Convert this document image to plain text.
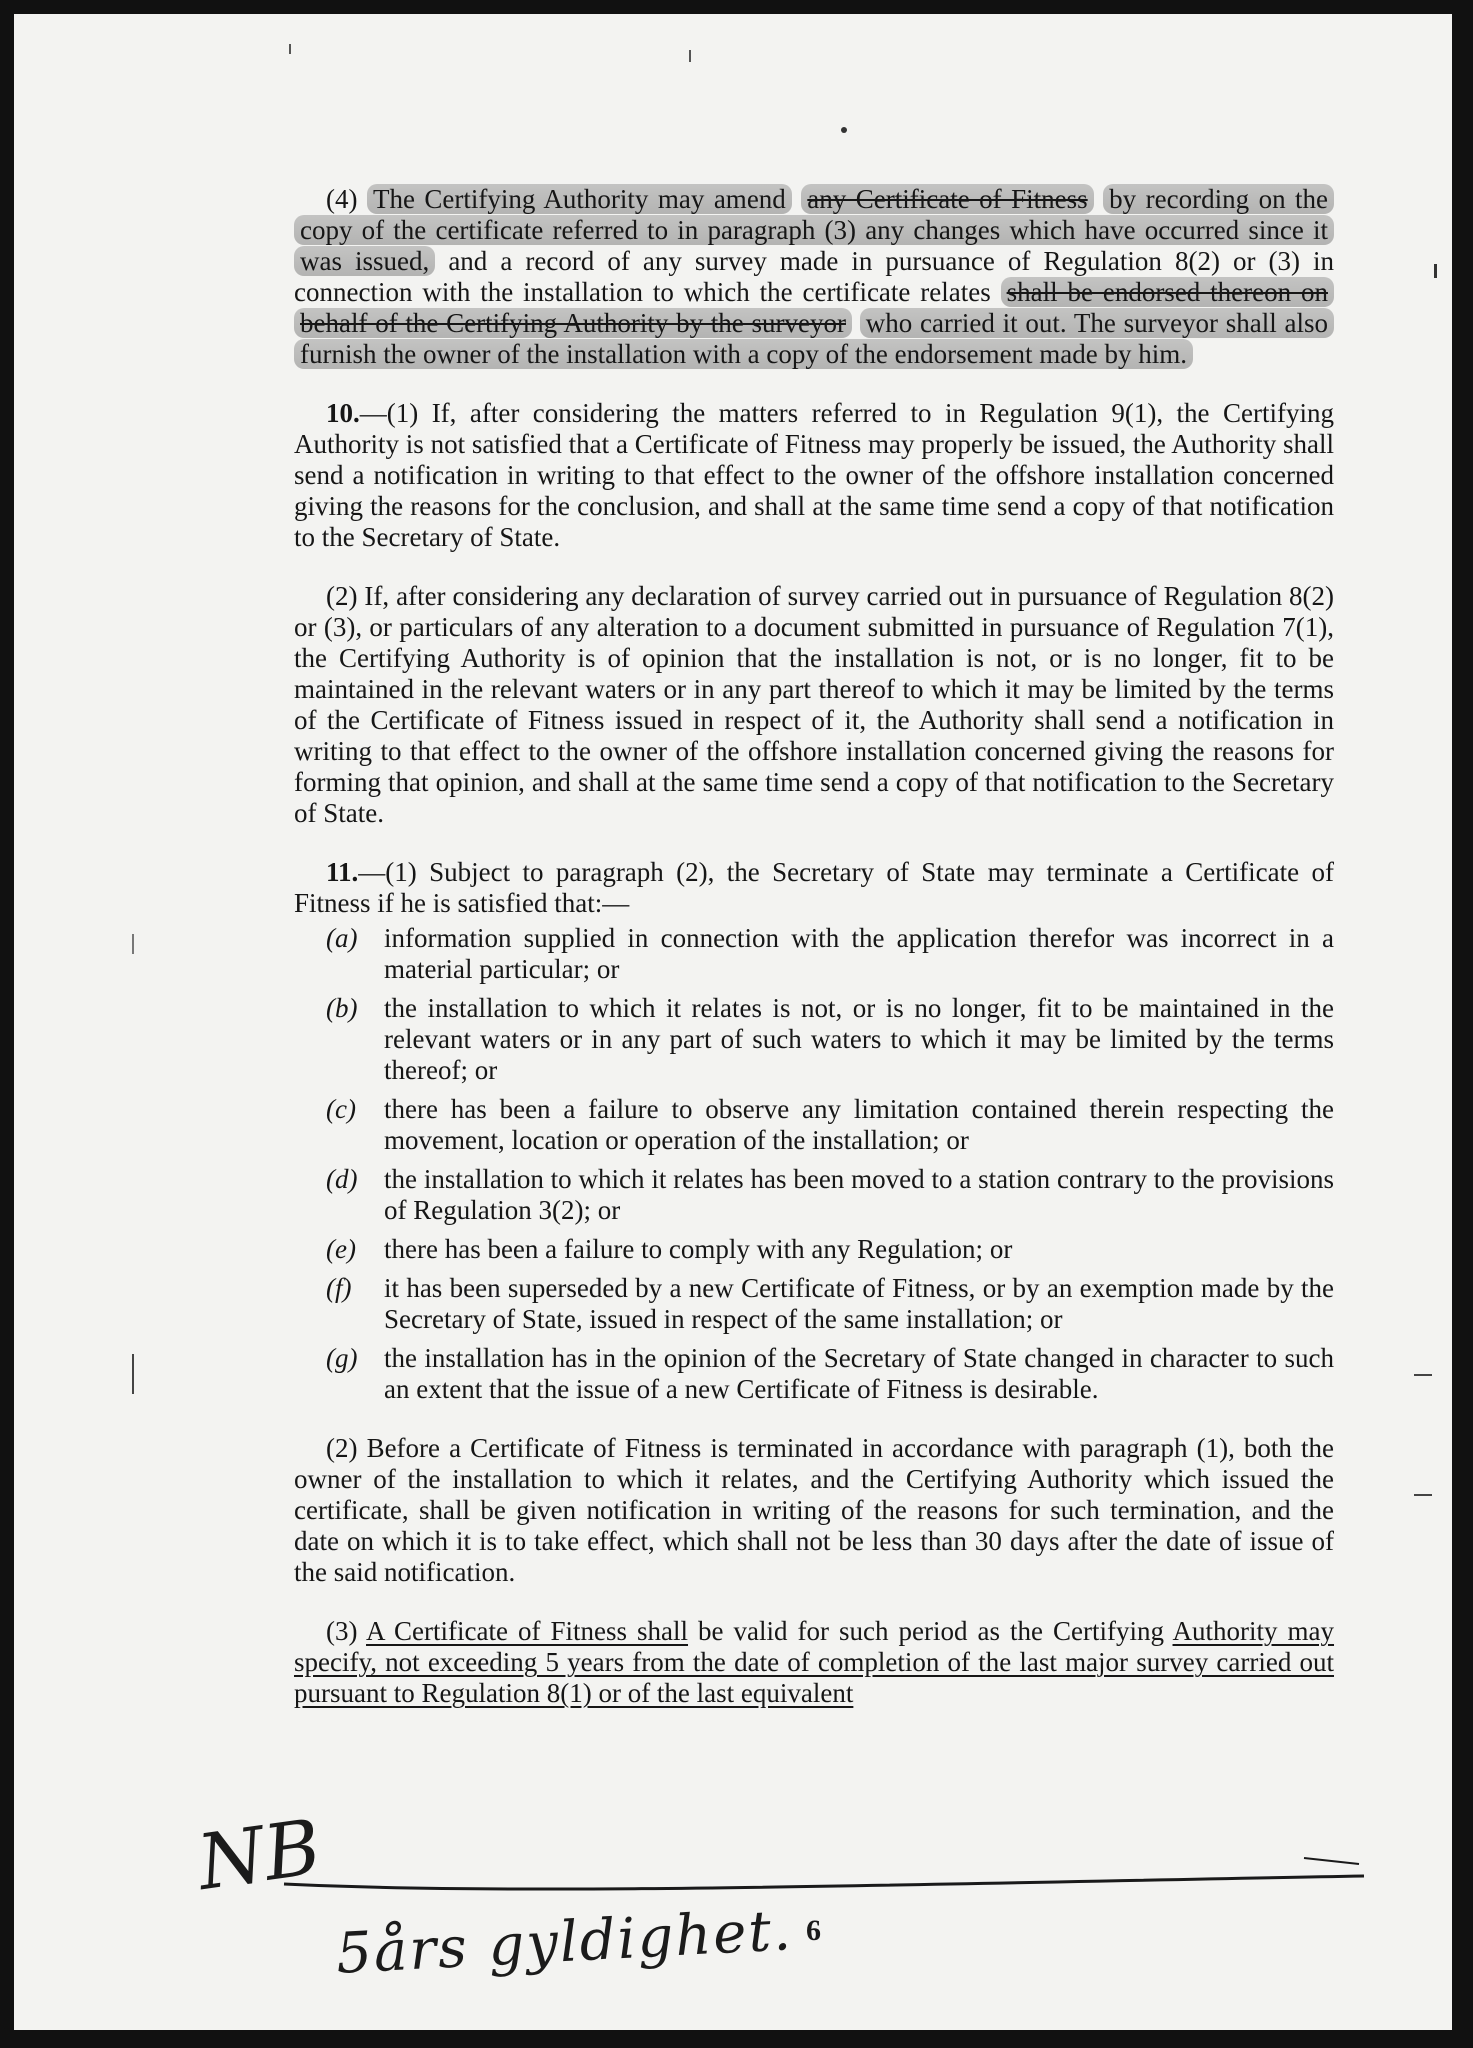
(4) The Certifying Authority may amend any Certificate of Fitness by recording on the copy of the certificate referred to in paragraph (3) any changes which have occurred since it was issued, and a record of any survey made in pursuance of Regulation 8(2) or (3) in connection with the installation to which the certificate relates shall be endorsed thereon on behalf of the Certifying Authority by the surveyor who carried it out. The surveyor shall also furnish the owner of the installation with a copy of the endorsement made by him.

10.—(1) If, after considering the matters referred to in Regulation 9(1), the Certifying Authority is not satisfied that a Certificate of Fitness may properly be issued, the Authority shall send a notification in writing to that effect to the owner of the offshore installation concerned giving the reasons for the conclusion, and shall at the same time send a copy of that notification to the Secretary of State.

(2) If, after considering any declaration of survey carried out in pursuance of Regulation 8(2) or (3), or particulars of any alteration to a document submitted in pursuance of Regulation 7(1), the Certifying Authority is of opinion that the installation is not, or is no longer, fit to be maintained in the relevant waters or in any part thereof to which it may be limited by the terms of the Certificate of Fitness issued in respect of it, the Authority shall send a notification in writing to that effect to the owner of the offshore installation concerned giving the reasons for forming that opinion, and shall at the same time send a copy of that notification to the Secretary of State.

11.—(1) Subject to paragraph (2), the Secretary of State may terminate a Certificate of Fitness if he is satisfied that:—

(a) information supplied in connection with the application therefor was incorrect in a material particular; or
(b) the installation to which it relates is not, or is no longer, fit to be maintained in the relevant waters or in any part of such waters to which it may be limited by the terms thereof; or
(c)	there has been a failure to observe any limitation contained therein respecting the movement, location or operation of the installation; or
(d) the installation to which it relates has been moved to a station contrary to the provisions of Regulation 3(2); or
(e)	there has been a failure to comply with any Regulation; or
(f)	it has been superseded by a new Certificate of Fitness, or by an exemption made by the Secretary of State, issued in respect of the same installation; or
(g) the installation has in the opinion of the Secretary of State changed in character to such an extent that the issue of a new Certificate of Fitness is desirable.

(2) Before a Certificate of Fitness is terminated in accordance with paragraph (1), both the owner of the installation to which it relates, and the Certifying Authority which issued the certificate, shall be given notification in writing of the reasons for such termination, and the date on which it is to take effect, which shall not be less than 30 days after the date of issue of the said notification.

(3) A Certificate of Fitness shall be valid for such period as the Certifying Authority may specify, not exceeding 5 years from the date of completion of the last major survey carried out pursuant to Regulation 8(1) or of the last equivalent

NB
5års gyldighet. 6
